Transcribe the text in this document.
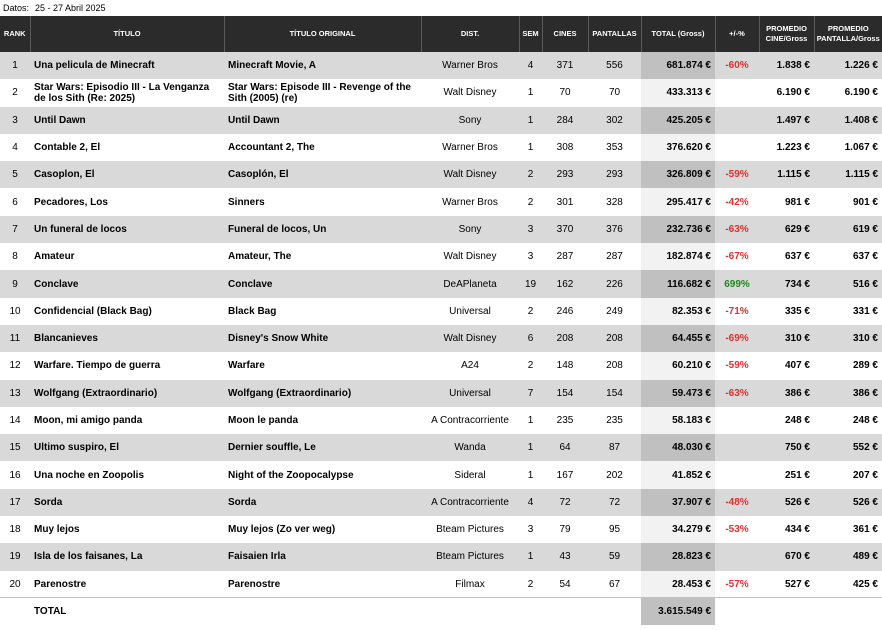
Datos: 25 - 27 Abril 2025
RANK	TÍTULO	TÍTULO ORIGINAL	DIST.	SEM	CINES	PANTALLAS	TOTAL (Gross)	+/-%	PROMEDIO CINE/Gross	PROMEDIO PANTALLA/Gross
1	Una pelicula de Minecraft	Minecraft Movie, A	Warner Bros	4	371	556	681.874 €	-60%	1.838 €	1.226 €
2	Star Wars: Episodio III - La Venganza de los Sith (Re: 2025)	Star Wars: Episode III - Revenge of the Sith (2005) (re)	Walt Disney	1	70	70	433.313 €		6.190 €	6.190 €
3	Until Dawn	Until Dawn	Sony	1	284	302	425.205 €		1.497 €	1.408 €
4	Contable 2, El	Accountant 2, The	Warner Bros	1	308	353	376.620 €		1.223 €	1.067 €
5	Casoplon, El	Casoplón, El	Walt Disney	2	293	293	326.809 €	-59%	1.115 €	1.115 €
6	Pecadores, Los	Sinners	Warner Bros	2	301	328	295.417 €	-42%	981 €	901 €
7	Un funeral de locos	Funeral de locos, Un	Sony	3	370	376	232.736 €	-63%	629 €	619 €
8	Amateur	Amateur, The	Walt Disney	3	287	287	182.874 €	-67%	637 €	637 €
9	Conclave	Conclave	DeAPlaneta	19	162	226	116.682 €	699%	734 €	516 €
10	Confidencial (Black Bag)	Black Bag	Universal	2	246	249	82.353 €	-71%	335 €	331 €
11	Blancanieves	Disney's Snow White	Walt Disney	6	208	208	64.455 €	-69%	310 €	310 €
12	Warfare. Tiempo de guerra	Warfare	A24	2	148	208	60.210 €	-59%	407 €	289 €
13	Wolfgang (Extraordinario)	Wolfgang (Extraordinario)	Universal	7	154	154	59.473 €	-63%	386 €	386 €
14	Moon, mi amigo panda	Moon le panda	A Contracorriente	1	235	235	58.183 €		248 €	248 €
15	Ultimo suspiro, El	Dernier souffle, Le	Wanda	1	64	87	48.030 €		750 €	552 €
16	Una noche en Zoopolis	Night of the Zoopocalypse	Sideral	1	167	202	41.852 €		251 €	207 €
17	Sorda	Sorda	A Contracorriente	4	72	72	37.907 €	-48%	526 €	526 €
18	Muy lejos	Muy lejos (Zo ver weg)	Bteam Pictures	3	79	95	34.279 €	-53%	434 €	361 €
19	Isla de los faisanes, La	Faisaien Irla	Bteam Pictures	1	43	59	28.823 €		670 €	489 €
20	Parenostre	Parenostre	Filmax	2	54	67	28.453 €	-57%	527 €	425 €
	TOTAL						3.615.549 €			
